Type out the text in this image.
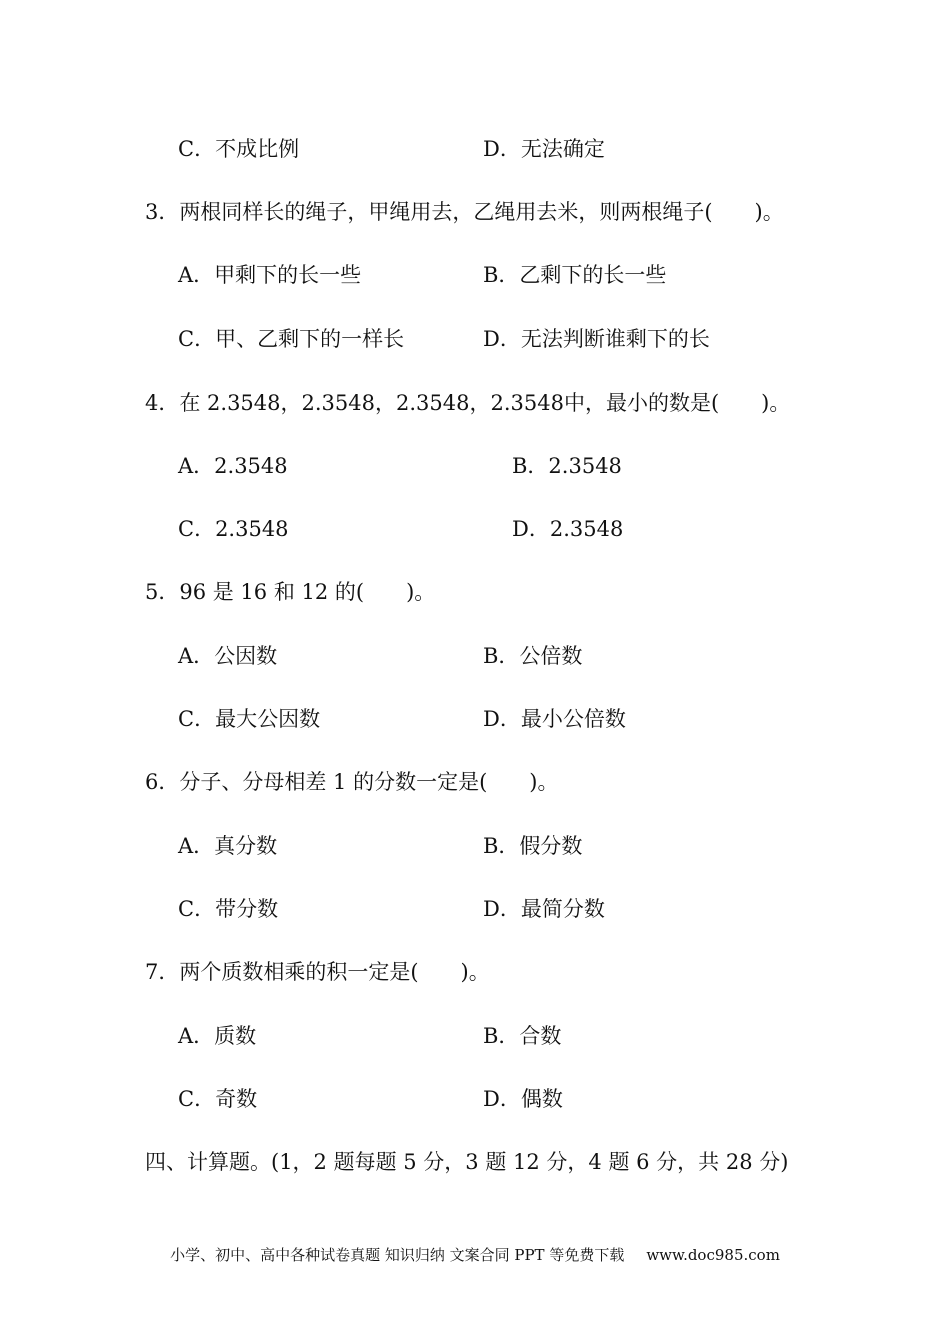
C．不成比例	D．无法确定
3．两根同样长的绳子，甲绳用去，乙绳用去米，则两根绳子(　　)。
A．甲剩下的长一些	B．乙剩下的长一些
C．甲、乙剩下的一样长	D．无法判断谁剩下的长
4．在 2.3548，2.3548，2.3548，2.3548中，最小的数是(　　)。
A．2.3548	B．2.3548
C．2.3548	D．2.3548
5．96 是 16 和 12 的(　　)。
A．公因数	B．公倍数
C．最大公因数	D．最小公倍数
6．分子、分母相差 1 的分数一定是(　　)。
A．真分数	B．假分数
C．带分数	D．最简分数
7．两个质数相乘的积一定是(　　)。
A．质数	B．合数
C．奇数	D．偶数
四、计算题。(1，2 题每题 5 分，3 题 12 分，4 题 6 分，共 28 分)
小学、初中、高中各种试卷真题 知识归纳 文案合同 PPT 等免费下载 www.doc985.com
